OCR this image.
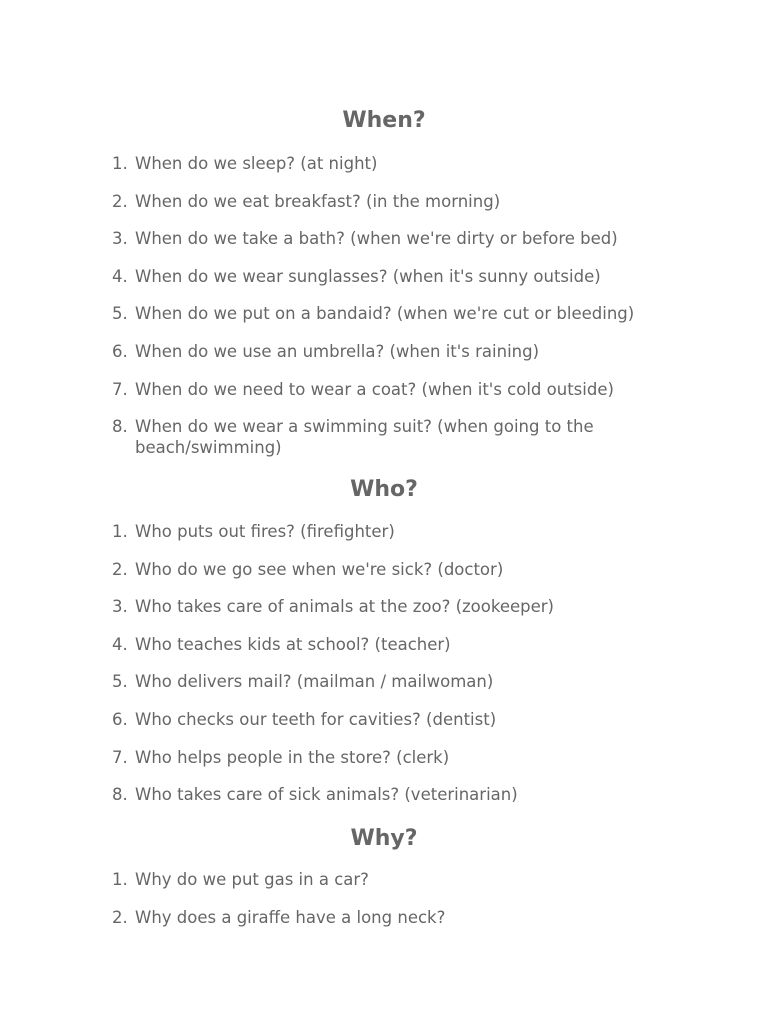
When?
1. When do we sleep? (at night)
2. When do we eat breakfast? (in the morning)
3. When do we take a bath? (when we're dirty or before bed)
4. When do we wear sunglasses? (when it's sunny outside)
5. When do we put on a bandaid? (when we're cut or bleeding)
6. When do we use an umbrella? (when it's raining)
7. When do we need to wear a coat? (when it's cold outside)
8. When do we wear a swimming suit? (when going to the beach/swimming)
Who?
1. Who puts out fires? (firefighter)
2. Who do we go see when we're sick? (doctor)
3. Who takes care of animals at the zoo? (zookeeper)
4. Who teaches kids at school? (teacher)
5. Who delivers mail? (mailman / mailwoman)
6. Who checks our teeth for cavities? (dentist)
7. Who helps people in the store? (clerk)
8. Who takes care of sick animals? (veterinarian)
Why?
1. Why do we put gas in a car?
2. Why does a giraffe have a long neck?
